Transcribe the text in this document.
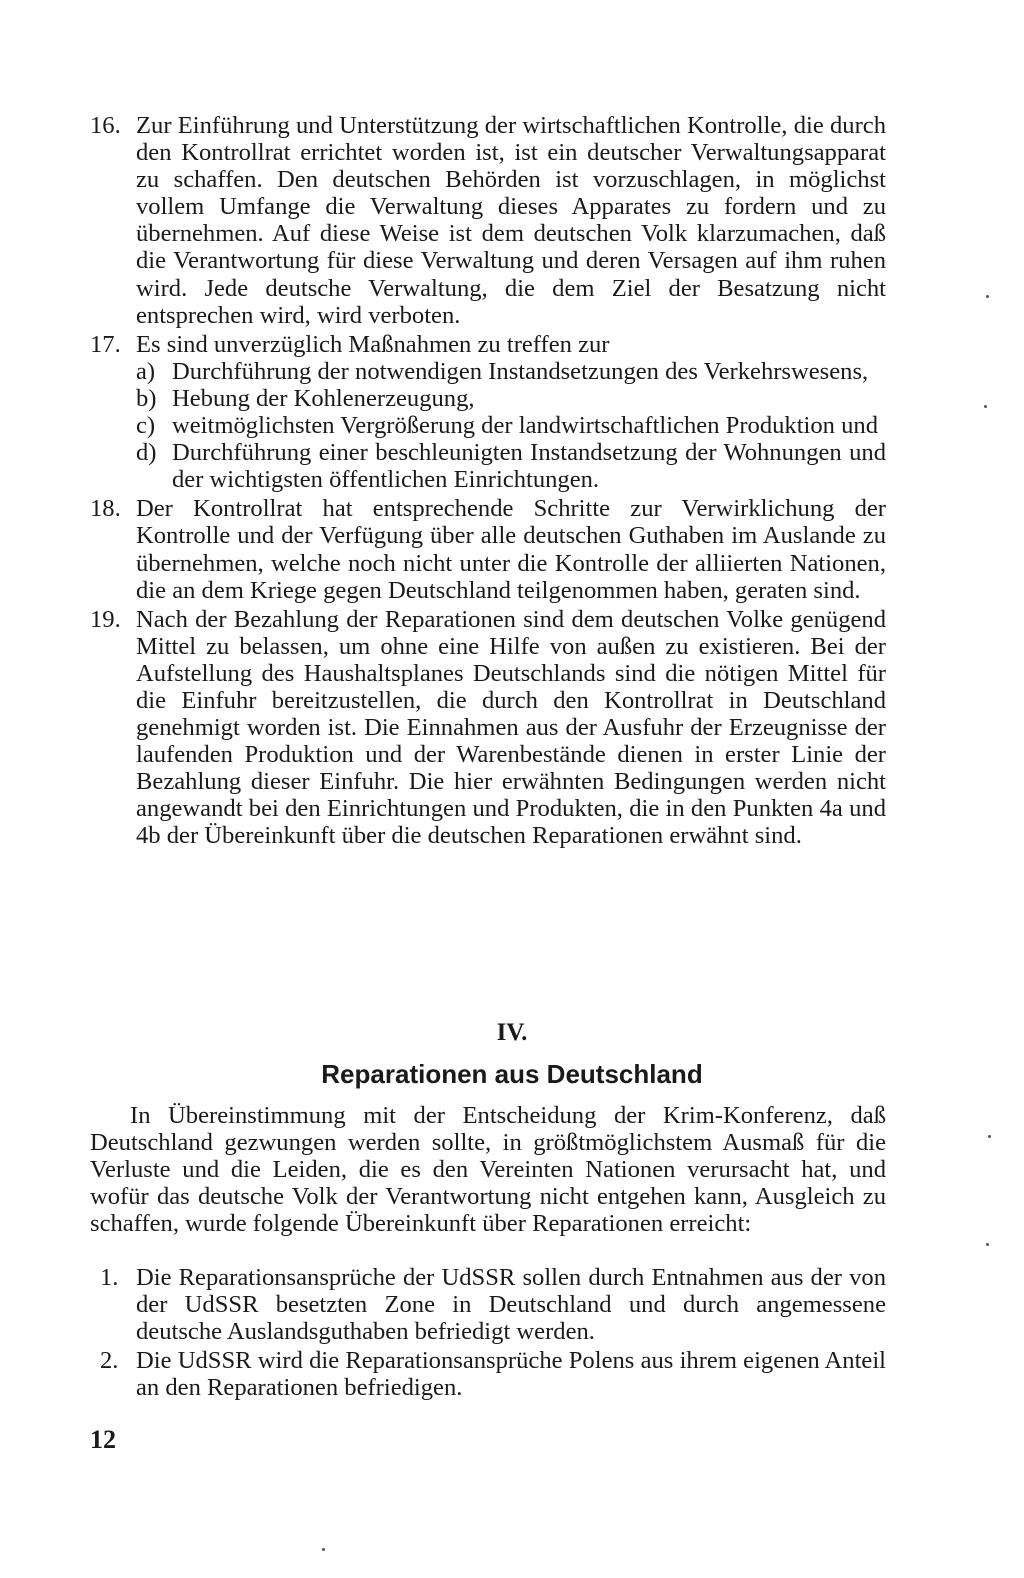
16. Zur Einführung und Unterstützung der wirtschaftlichen Kontrolle, die durch den Kontrollrat errichtet worden ist, ist ein deutscher Verwaltungsapparat zu schaffen. Den deutschen Behörden ist vorzuschlagen, in möglichst vollem Umfange die Verwaltung dieses Apparates zu fordern und zu übernehmen. Auf diese Weise ist dem deutschen Volk klarzumachen, daß die Verantwortung für diese Verwaltung und deren Versagen auf ihm ruhen wird. Jede deutsche Verwaltung, die dem Ziel der Besatzung nicht entsprechen wird, wird verboten.
17. Es sind unverzüglich Maßnahmen zu treffen zur
a) Durchführung der notwendigen Instandsetzungen des Verkehrswesens,
b) Hebung der Kohlenerzeugung,
c) weitmöglichsten Vergrößerung der landwirtschaftlichen Produktion und
d) Durchführung einer beschleunigten Instandsetzung der Wohnungen und der wichtigsten öffentlichen Einrichtungen.
18. Der Kontrollrat hat entsprechende Schritte zur Verwirklichung der Kontrolle und der Verfügung über alle deutschen Guthaben im Auslande zu übernehmen, welche noch nicht unter die Kontrolle der alliierten Nationen, die an dem Kriege gegen Deutschland teilgenommen haben, geraten sind.
19. Nach der Bezahlung der Reparationen sind dem deutschen Volke genügend Mittel zu belassen, um ohne eine Hilfe von außen zu existieren. Bei der Aufstellung des Haushaltsplanes Deutschlands sind die nötigen Mittel für die Einfuhr bereitzustellen, die durch den Kontrollrat in Deutschland genehmigt worden ist. Die Einnahmen aus der Ausfuhr der Erzeugnisse der laufenden Produktion und der Warenbestände dienen in erster Linie der Bezahlung dieser Einfuhr. Die hier erwähnten Bedingungen werden nicht angewandt bei den Einrichtungen und Produkten, die in den Punkten 4a und 4b der Übereinkunft über die deutschen Reparationen erwähnt sind.
IV.
Reparationen aus Deutschland
In Übereinstimmung mit der Entscheidung der Krim-Konferenz, daß Deutschland gezwungen werden sollte, in größtmöglichstem Ausmaß für die Verluste und die Leiden, die es den Vereinten Nationen verursacht hat, und wofür das deutsche Volk der Verantwortung nicht entgehen kann, Ausgleich zu schaffen, wurde folgende Übereinkunft über Reparationen erreicht:
1. Die Reparationsansprüche der UdSSR sollen durch Entnahmen aus der von der UdSSR besetzten Zone in Deutschland und durch angemessene deutsche Auslandsguthaben befriedigt werden.
2. Die UdSSR wird die Reparationsansprüche Polens aus ihrem eigenen Anteil an den Reparationen befriedigen.
12
